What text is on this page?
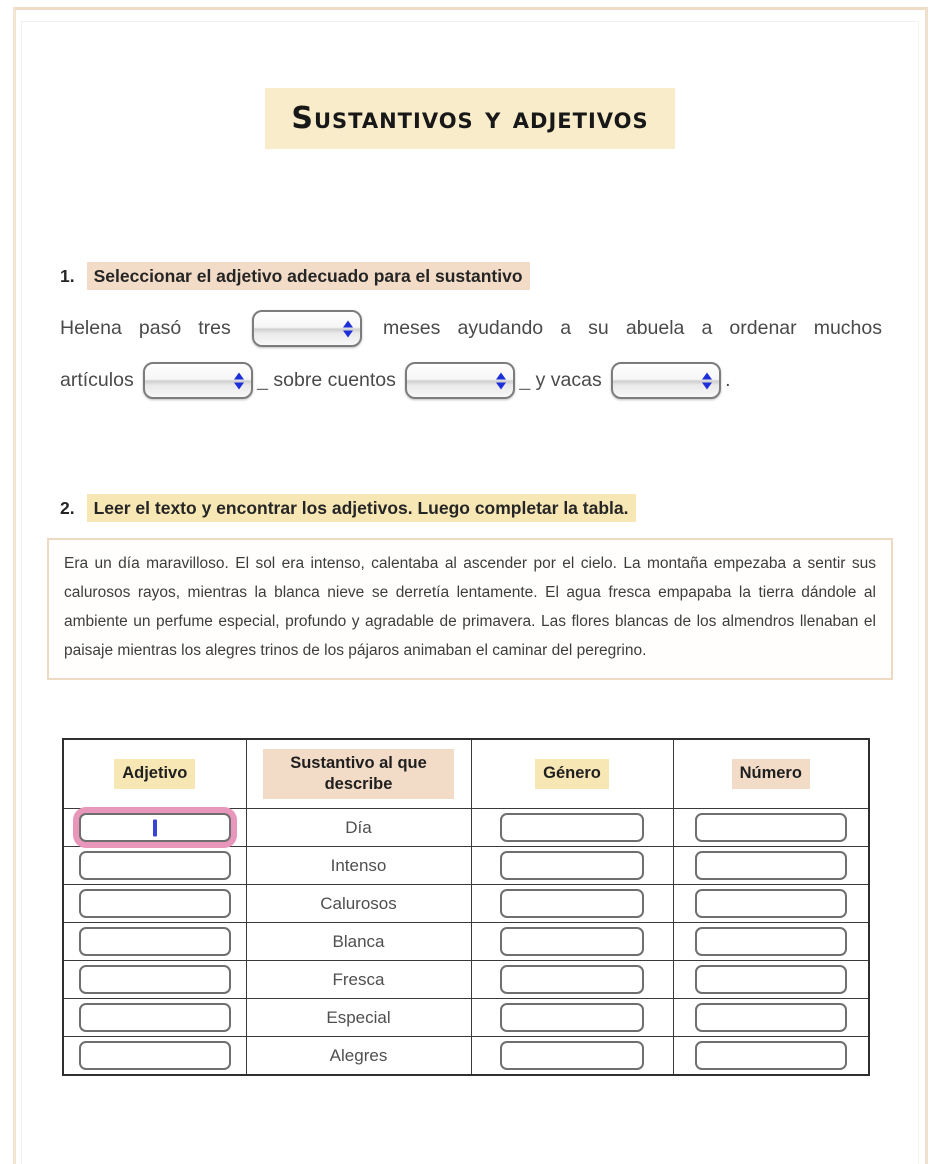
Sustantivos y adjetivos
1. Seleccionar el adjetivo adecuado para el sustantivo
Helena pasó tres	meses ayudando a su abuela a ordenar muchos
artículos	_ sobre cuentos	_ y vacas	.
2. Leer el texto y encontrar los adjetivos. Luego completar la tabla.
Era un día maravilloso. El sol era intenso, calentaba al ascender por el cielo. La montaña empezaba a sentir sus calurosos rayos, mientras la blanca nieve se derretía lentamente. El agua fresca empapaba la tierra dándole al ambiente un perfume especial, profundo y agradable de primavera. Las flores blancas de los almendros llenaban el paisaje mientras los alegres trinos de los pájaros animaban el caminar del peregrino.
Adjetivo	Sustantivo al que describe	Género	Número

	Día	

	Intenso	

	Calurosos	

	Blanca	

	Fresca	

	Especial	

	Alegres	
